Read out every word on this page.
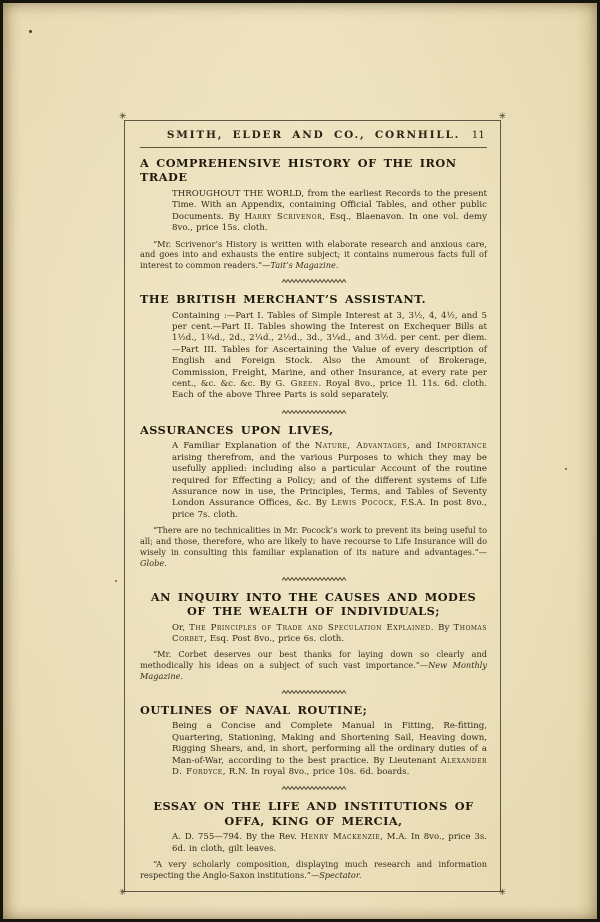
✳	✳
✳	✳
SMITH, ELDER AND CO., CORNHILL. 11
A COMPREHENSIVE HISTORY OF THE IRON TRADE

THROUGHOUT THE WORLD, from the earliest Records to the present Time. With an Appendix, containing Official Tables, and other public Documents. By Harry Scrivenor, Esq., Blaenavon. In one vol. demy 8vo., price 15s. cloth.

“Mr. Scrivenor’s History is written with elaborate research and anxious care, and goes into and exhausts the entire subject; it contains numerous facts full of interest to common readers.”—Tait’s Magazine.

THE BRITISH MERCHANT’S ASSISTANT.

Containing :—Part I. Tables of Simple Interest at 3, 3½, 4, 4½, and 5 per cent.—Part II. Tables showing the Interest on Exchequer Bills at 1½d., 1¾d., 2d., 2¼d., 2½d., 3d., 3¼d., and 3½d. per cent. per diem.—Part III. Tables for Ascertaining the Value of every description of English and Foreign Stock. Also the Amount of Brokerage, Commission, Freight, Marine, and other Insurance, at every rate per cent., &c. &c. &c. By G. Green. Royal 8vo., price 1l. 11s. 6d. cloth. Each of the above Three Parts is sold separately.

ASSURANCES UPON LIVES,

A Familiar Explanation of the Nature, Advantages, and Importance arising therefrom, and the various Purposes to which they may be usefully applied: including also a particular Account of the routine required for Effecting a Policy; and of the different systems of Life Assurance now in use, the Principles, Terms, and Tables of Seventy London Assurance Offices, &c. By Lewis Pocock, F.S.A. In post 8vo., price 7s. cloth.

“There are no technicalities in Mr. Pocock’s work to prevent its being useful to all; and those, therefore, who are likely to have recourse to Life Insurance will do wisely in consulting this familiar explanation of its nature and advantages.”—Globe.

AN INQUIRY INTO THE CAUSES AND MODES OF THE WEALTH OF INDIVIDUALS;

Or, The Principles of Trade and Speculation Explained. By Thomas Corbet, Esq. Post 8vo., price 6s. cloth.

“Mr. Corbet deserves our best thanks for laying down so clearly and methodically his ideas on a subject of such vast importance.”—New Monthly Magazine.

OUTLINES OF NAVAL ROUTINE;

Being a Concise and Complete Manual in Fitting, Re-fitting, Quartering, Stationing, Making and Shortening Sail, Heaving down, Rigging Shears, and, in short, performing all the ordinary duties of a Man-of-War, according to the best practice. By Lieutenant Alexander D. Fordyce, R.N. In royal 8vo., price 10s. 6d. boards.

ESSAY ON THE LIFE AND INSTITUTIONS OF OFFA, KING OF MERCIA,

A. D. 755—794. By the Rev. Henry Mackenzie, M.A. In 8vo., price 3s. 6d. in cloth, gilt leaves.

“A very scholarly composition, displaying much research and information respecting the Anglo-Saxon institutions.”—Spectator.
